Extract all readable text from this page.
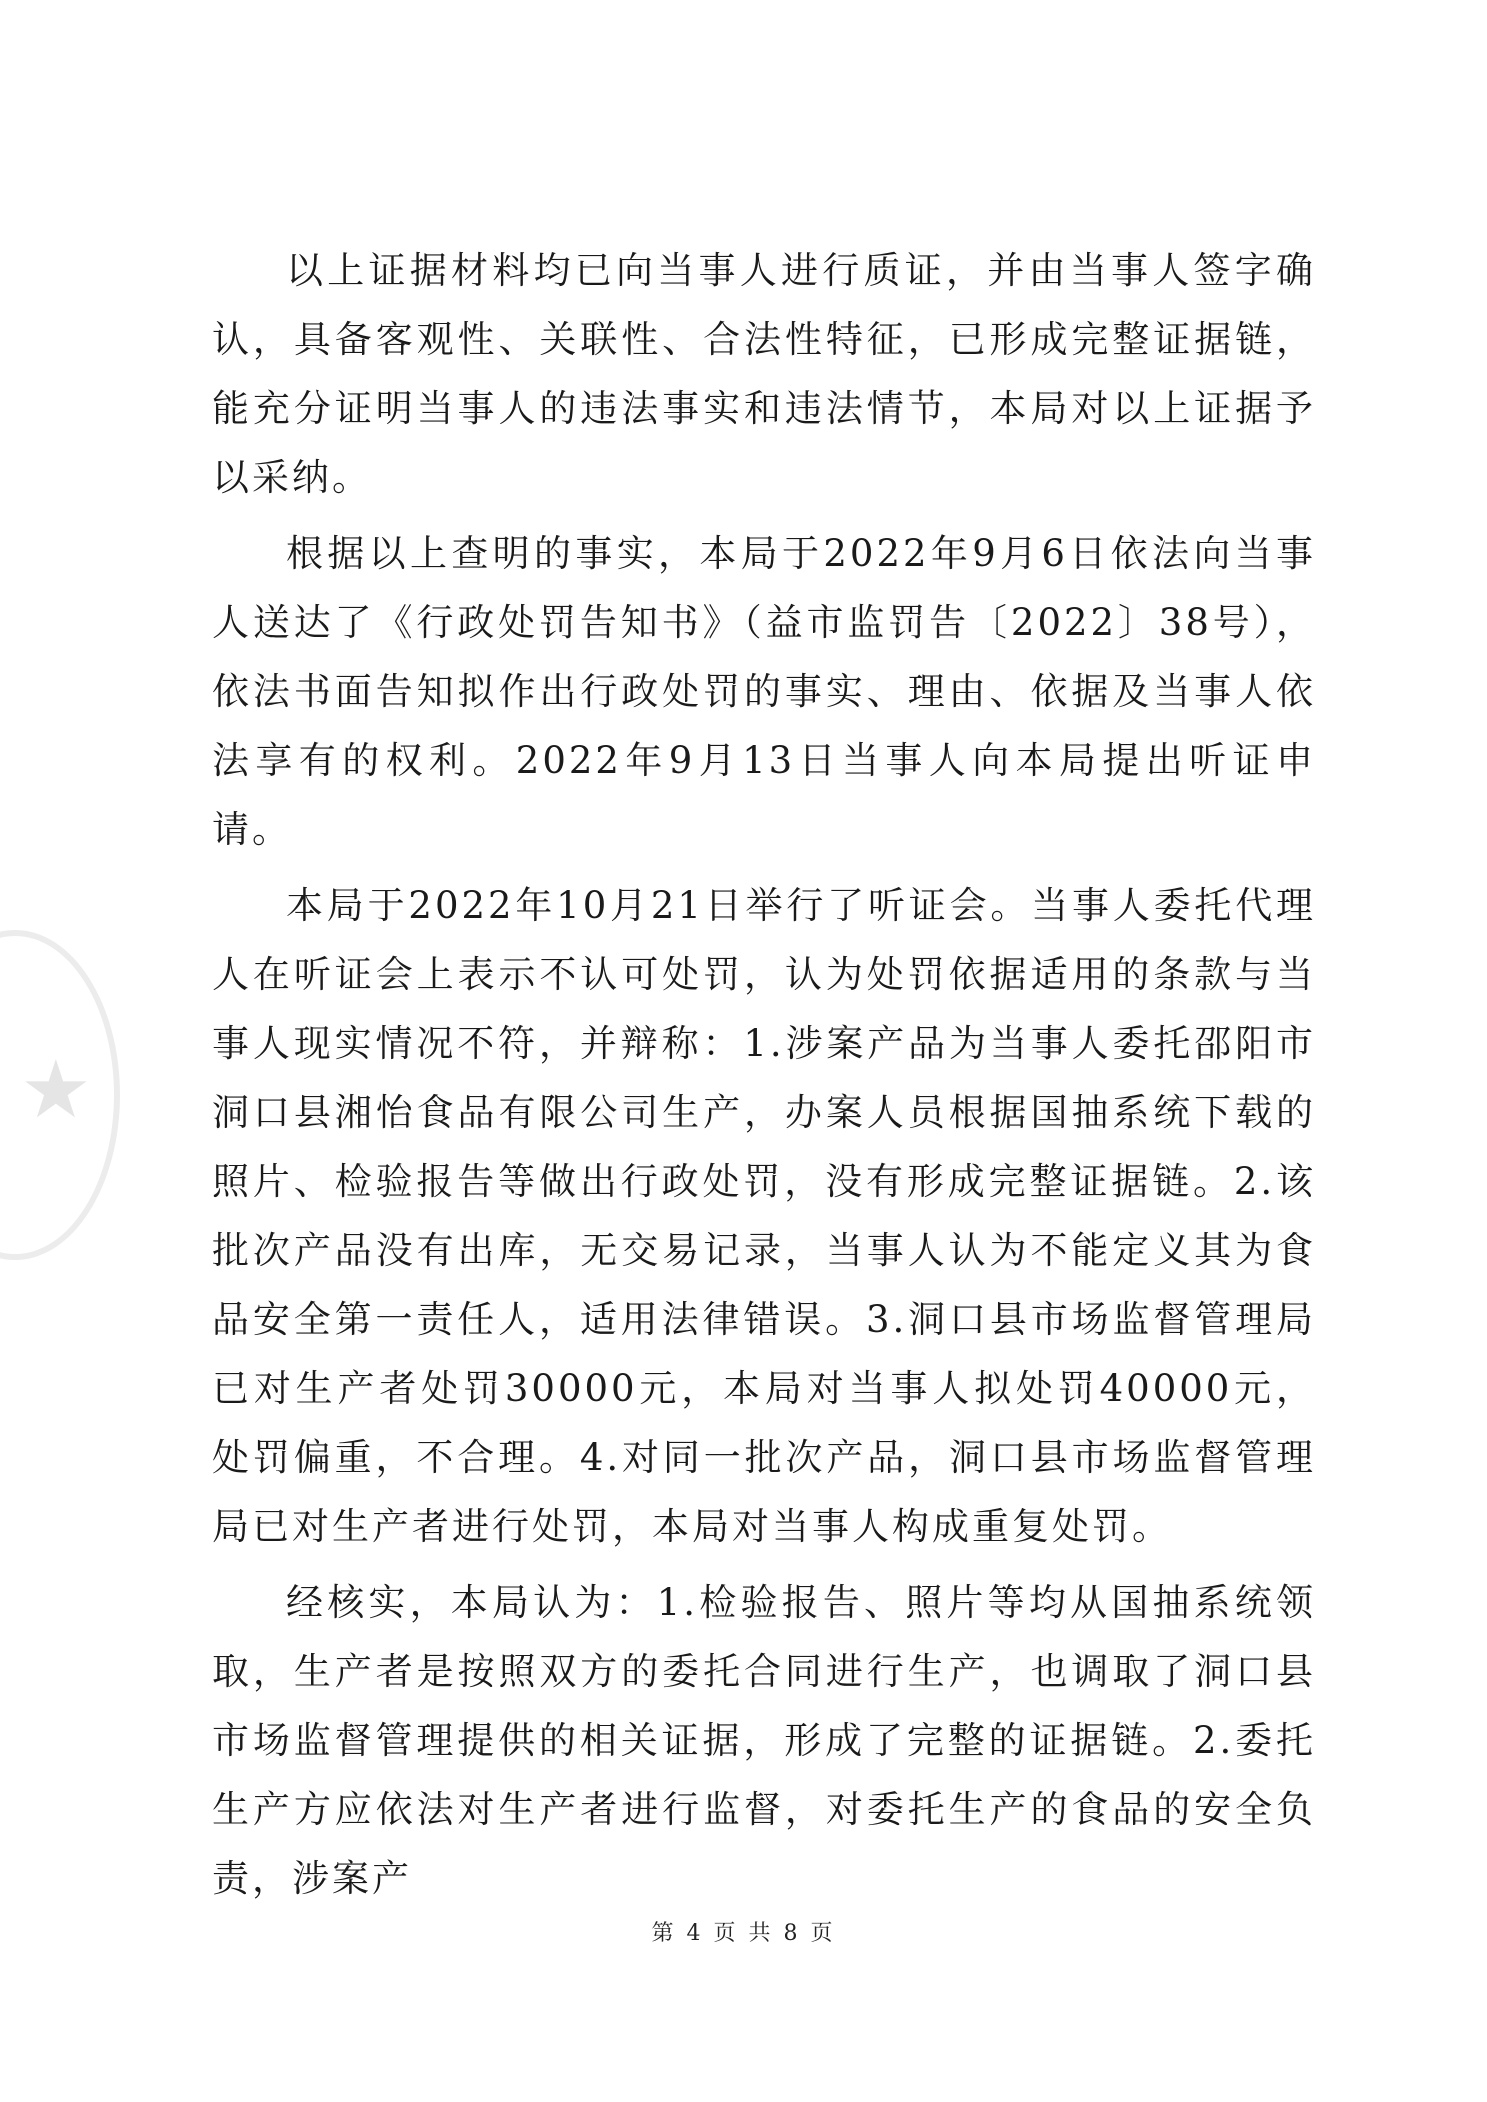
★

以上证据材料均已向当事人进行质证，并由当事人签字确认，具备客观性、关联性、合法性特征，已形成完整证据链，能充分证明当事人的违法事实和违法情节，本局对以上证据予以采纳。

根据以上查明的事实，本局于2022年9月6日依法向当事人送达了《行政处罚告知书》（益市监罚告〔2022〕38号），依法书面告知拟作出行政处罚的事实、理由、依据及当事人依法享有的权利。2022年9月13日当事人向本局提出听证申请。

本局于2022年10月21日举行了听证会。当事人委托代理人在听证会上表示不认可处罚，认为处罚依据适用的条款与当事人现实情况不符，并辩称：1.涉案产品为当事人委托邵阳市洞口县湘怡食品有限公司生产，办案人员根据国抽系统下载的照片、检验报告等做出行政处罚，没有形成完整证据链。2.该批次产品没有出库，无交易记录，当事人认为不能定义其为食品安全第一责任人，适用法律错误。3.洞口县市场监督管理局已对生产者处罚30000元，本局对当事人拟处罚40000元，处罚偏重，不合理。4.对同一批次产品，洞口县市场监督管理局已对生产者进行处罚，本局对当事人构成重复处罚。

经核实，本局认为：1.检验报告、照片等均从国抽系统领取，生产者是按照双方的委托合同进行生产，也调取了洞口县市场监督管理提供的相关证据，形成了完整的证据链。2.委托生产方应依法对生产者进行监督，对委托生产的食品的安全负责，涉案产

第 4 页 共 8 页
